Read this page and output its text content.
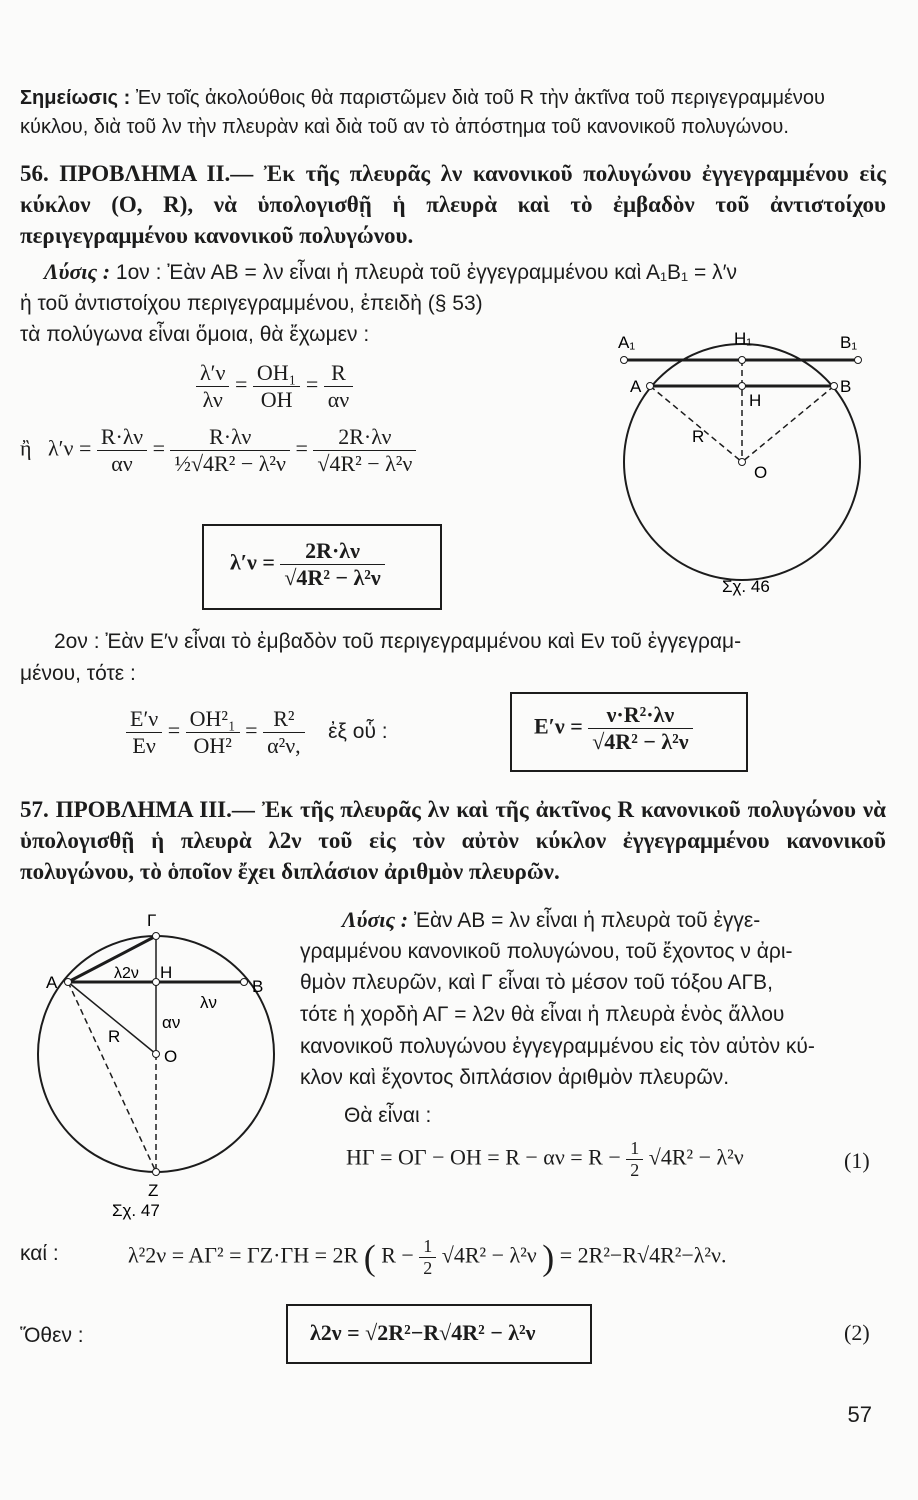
Σημείωσις : Ἐν τοῖς ἀκολούθοις θὰ παριστῶμεν διὰ τοῦ R τὴν ἀκτῖνα τοῦ περιγεγραμμένου κύκλου, διὰ τοῦ λν τὴν πλευρὰν καὶ διὰ τοῦ αν τὸ ἀπόστημα τοῦ κανονικοῦ πολυγώνου.
56. ΠΡΟΒΛΗΜΑ ΙΙ.— Ἐκ τῆς πλευρᾶς λν κανονικοῦ πολυγώνου ἐγγεγραμμένου εἰς κύκλον (Ο, R), νὰ ὑπολογισθῇ ἡ πλευρὰ καὶ τὸ ἐμβαδὸν τοῦ ἀντιστοίχου περιγεγραμμένου κανονικοῦ πολυγώνου.
Λύσις : 1ον : Ἐὰν ΑΒ = λν εἶναι ἡ πλευρὰ τοῦ ἐγγεγραμμένου καὶ Α₁Β₁ = λ′ν
ἡ τοῦ ἀντιστοίχου περιγεγραμμένου, ἐπειδὴ (§ 53)
τὰ πολύγωνα εἶναι ὅμοια, θὰ ἔχωμεν :
$\frac{\lambda'\nu}{\lambda\nu} = \frac{\text{ΟΗ₁}}{OH} = \frac{R}{\alpha\nu}$
ἢ $\lambda'\nu = \frac{R\cdot\lambda\nu}{\alpha\nu} = \frac{R\cdot\lambda\nu}{\text{½√4R² − λ²ν}} = \frac{2R\cdot\lambda\nu}{\text{√4R² − λ²ν}}$
$\lambda'\nu = \frac{2R\cdot\lambda\nu}{\text{√4R² − λ²ν}}$
Α₁	Η₁	Β₁
Α	Β
Η
R
Ο
Σχ. 46
2ον : Ἐὰν Ε′ν εἶναι τὸ ἐμβαδὸν τοῦ περιγεγραμμένου καὶ Εν τοῦ ἐγγεγραμ-
μένου, τότε :
$\frac{E'\nu}{E\nu} = \frac{\text{ΟΗ²₁}}{\text{ΟΗ²}} = \frac{\text{R²}}{\text{α²ν,}}$ ἐξ οὗ :	$E'\nu = \frac{\text{ν·R²·λν}}{\text{√4R² − λ²ν}}$
57. ΠΡΟΒΛΗΜΑ ΙΙΙ.— Ἐκ τῆς πλευρᾶς λν καὶ τῆς ἀκτῖνος R κανονικοῦ πολυγώνου νὰ ὑπολογισθῇ ἡ πλευρὰ λ2ν τοῦ εἰς τὸν αὐτὸν κύκλον ἐγγεγραμμένου κανονικοῦ πολυγώνου, τὸ ὁποῖον ἔχει διπλάσιον ἀριθμὸν πλευρῶν.
Λύσις : Ἐὰν ΑΒ = λν εἶναι ἡ πλευρὰ τοῦ ἐγγε-
γραμμένου κανονικοῦ πολυγώνου, τοῦ ἔχοντος ν ἀρι-
θμὸν πλευρῶν, καὶ Γ εἶναι τὸ μέσον τοῦ τόξου ΑΓΒ,
τότε ἡ χορδὴ ΑΓ = λ2ν θὰ εἶναι ἡ πλευρὰ ἑνὸς ἄλλου
κανονικοῦ πολυγώνου ἐγγεγραμμένου εἰς τὸν αὐτὸν κύ-
κλον καὶ ἔχοντος διπλάσιον ἀριθμὸν πλευρῶν.
Θὰ εἶναι :
$H\Gamma = O\Gamma - OH = R - \alpha\nu = R - \frac{1}{2} √4R^2 - \lambda^2\nu$	(1)
Γ
Α
Η
Β
λ2ν
λν
αν
R
Ο
Ζ
Σχ. 47
καί :	λ²2ν = ΑΓ² = ΓΖ·ΓΗ = 2R ( $R - \frac{1}{2} √4R^2 - \lambda^2\nu$ ) = 2R²−R√4R²−λ²ν.
Ὅθεν :	λ2ν = √2R²−R√4R² − λ²ν	(2)
57
